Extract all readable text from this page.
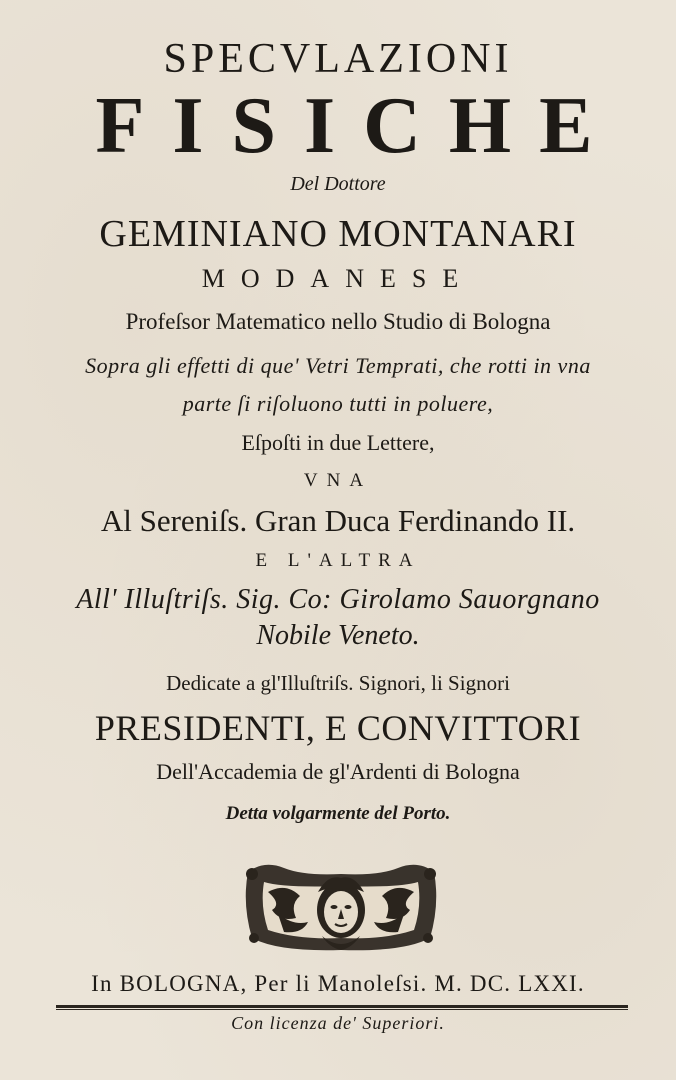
SPECVLAZIONI
FISICHE
Del Dottore
GEMINIANO MONTANARI
MODANESE
Profeſsor Matematico nello Studio di Bologna
Sopra gli effetti di que' Vetri Temprati, che rotti in vna
parte ſi riſoluono tutti in poluere,
Eſpoſti in due Lettere,
VNA
Al Sereniſs. Gran Duca Ferdinando II.
E L'ALTRA
All' Illuſtriſs. Sig. Co: Girolamo Sauorgnano
Nobile Veneto.
Dedicate a gl'Illuſtriſs. Signori, li Signori
PRESIDENTI, E CONVITTORI
Dell'Accademia de gl'Ardenti di Bologna
Detta volgarmente del Porto.
In BOLOGNA, Per li Manoleſsi. M. DC. LXXI.
Con licenza de' Superiori.
